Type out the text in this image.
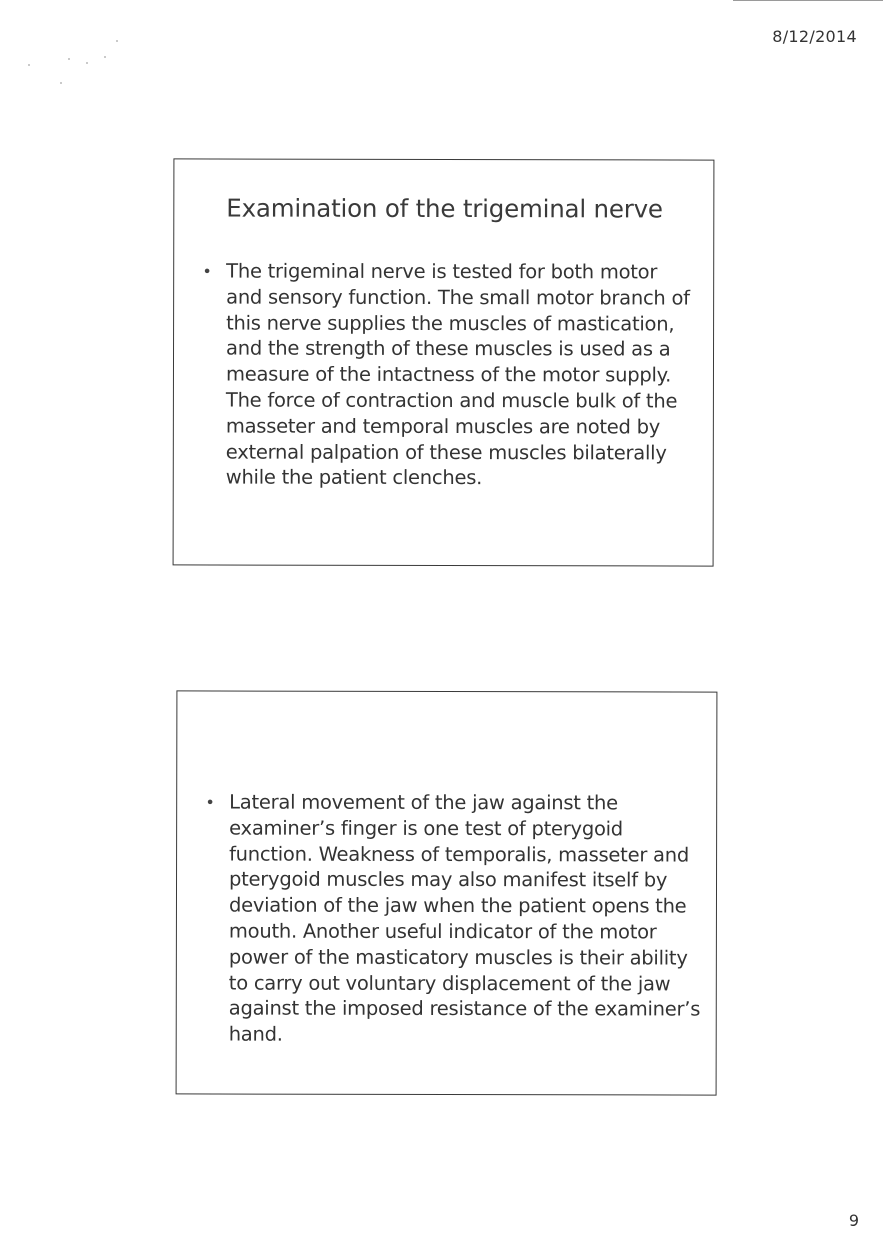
8/12/2014
Examination of the trigeminal nerve
• The trigeminal nerve is tested for both motor and sensory function. The small motor branch of this nerve supplies the muscles of mastication, and the strength of these muscles is used as a measure of the intactness of the motor supply. The force of contraction and muscle bulk of the masseter and temporal muscles are noted by external palpation of these muscles bilaterally while the patient clenches.
• Lateral movement of the jaw against the examiner’s finger is one test of pterygoid function. Weakness of temporalis, masseter and pterygoid muscles may also manifest itself by deviation of the jaw when the patient opens the mouth. Another useful indicator of the motor power of the masticatory muscles is their ability to carry out voluntary displacement of the jaw against the imposed resistance of the examiner’s hand.
9
